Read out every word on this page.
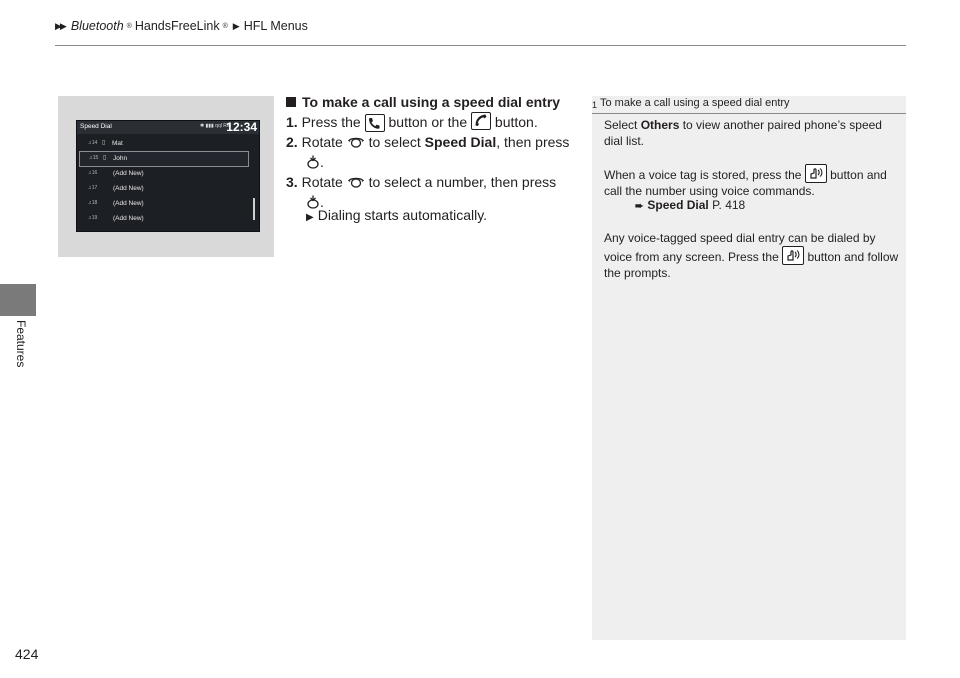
▶▶ Bluetooth ® HandsFreeLink ® ▶ HFL Menus
Features
424
Speed Dial	✱ ▮▮▮ qql RM
12:34
♫14 ▯ Mat
♫15 ▯ John
♫16 (Add New)
♫17 (Add New)
♫18 (Add New)
♫19 (Add New)
To make a call using a speed dial entry
1. Press the button or the button.
2. Rotate to select Speed Dial, then press
.
3. Rotate to select a number, then press
.
▶ Dialing starts automatically.
1 To make a call using a speed dial entry

Select Others to view another paired phone’s speed dial list.

When a voice tag is stored, press the button and call the number using voice commands.

➨ Speed Dial P. 418

Any voice-tagged speed dial entry can be dialed by voice from any screen. Press the button and follow the prompts.
